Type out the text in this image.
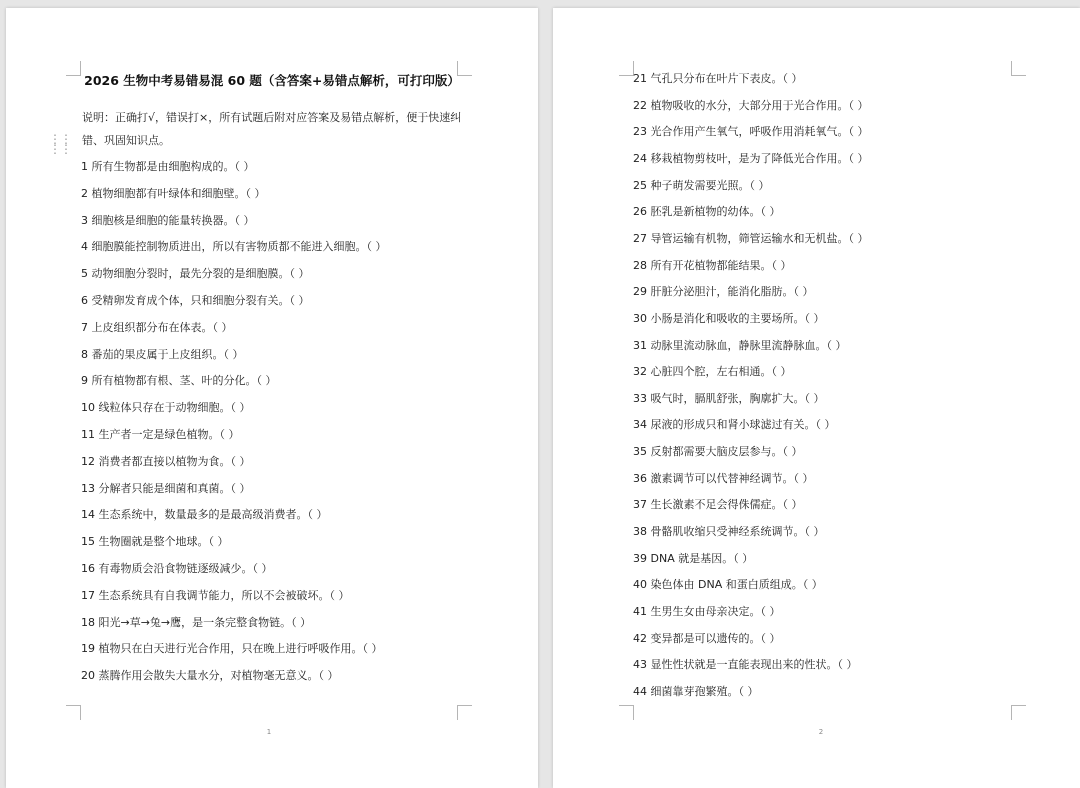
2026 生物中考易错易混 60 题（含答案+易错点解析，可打印版）
⋮⋮
⋮⋮
说明：正确打√，错误打×，所有试题后附对应答案及易错点解析，便于快速纠错、巩固知识点。
1 所有生物都是由细胞构成的。（ ）
2 植物细胞都有叶绿体和细胞壁。（ ）
3 细胞核是细胞的能量转换器。（ ）
4 细胞膜能控制物质进出，所以有害物质都不能进入细胞。（ ）
5 动物细胞分裂时，最先分裂的是细胞膜。（ ）
6 受精卵发育成个体，只和细胞分裂有关。（ ）
7 上皮组织都分布在体表。（ ）
8 番茄的果皮属于上皮组织。（ ）
9 所有植物都有根、茎、叶的分化。（ ）
10 线粒体只存在于动物细胞。（ ）
11 生产者一定是绿色植物。（ ）
12 消费者都直接以植物为食。（ ）
13 分解者只能是细菌和真菌。（ ）
14 生态系统中，数量最多的是最高级消费者。（ ）
15 生物圈就是整个地球。（ ）
16 有毒物质会沿食物链逐级减少。（ ）
17 生态系统具有自我调节能力，所以不会被破坏。（ ）
18 阳光→草→兔→鹰，是一条完整食物链。（ ）
19 植物只在白天进行光合作用，只在晚上进行呼吸作用。（ ）
20 蒸腾作用会散失大量水分，对植物毫无意义。（ ）
1
21 气孔只分布在叶片下表皮。（ ）
22 植物吸收的水分，大部分用于光合作用。（ ）
23 光合作用产生氧气，呼吸作用消耗氧气。（ ）
24 移栽植物剪枝叶，是为了降低光合作用。（ ）
25 种子萌发需要光照。（ ）
26 胚乳是新植物的幼体。（ ）
27 导管运输有机物，筛管运输水和无机盐。（ ）
28 所有开花植物都能结果。（ ）
29 肝脏分泌胆汁，能消化脂肪。（ ）
30 小肠是消化和吸收的主要场所。（ ）
31 动脉里流动脉血，静脉里流静脉血。（ ）
32 心脏四个腔，左右相通。（ ）
33 吸气时，膈肌舒张，胸廓扩大。（ ）
34 尿液的形成只和肾小球滤过有关。（ ）
35 反射都需要大脑皮层参与。（ ）
36 激素调节可以代替神经调节。（ ）
37 生长激素不足会得侏儒症。（ ）
38 骨骼肌收缩只受神经系统调节。（ ）
39 DNA 就是基因。（ ）
40 染色体由 DNA 和蛋白质组成。（ ）
41 生男生女由母亲决定。（ ）
42 变异都是可以遗传的。（ ）
43 显性性状就是一直能表现出来的性状。（ ）
44 细菌靠芽孢繁殖。（ ）
2
